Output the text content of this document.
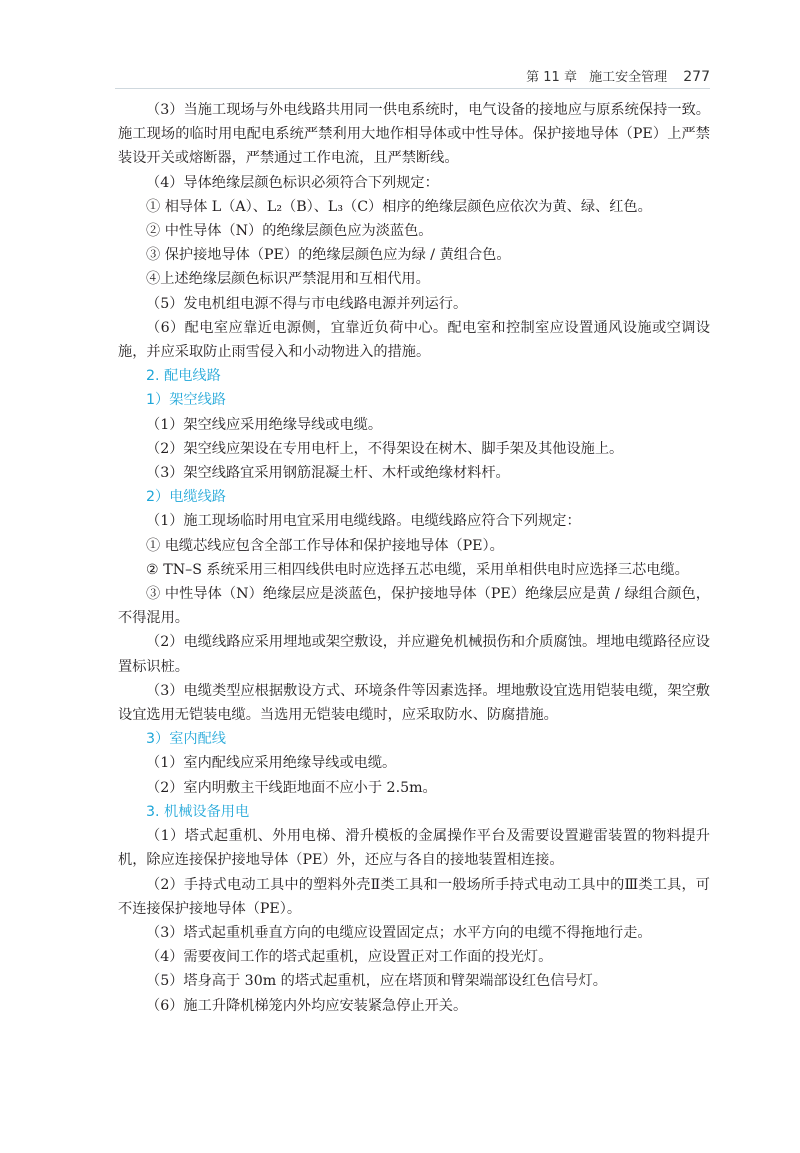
第 11 章 施工安全管理 277

（3）当施工现场与外电线路共用同一供电系统时，电气设备的接地应与原系统保持一致。施工现场的临时用电配电系统严禁利用大地作相导体或中性导体。保护接地导体（PE）上严禁装设开关或熔断器，严禁通过工作电流，且严禁断线。

（4）导体绝缘层颜色标识必须符合下列规定：

① 相导体 L（A）、L₂（B）、L₃（C）相序的绝缘层颜色应依次为黄、绿、红色。

② 中性导体（N）的绝缘层颜色应为淡蓝色。

③ 保护接地导体（PE）的绝缘层颜色应为绿 / 黄组合色。

④上述绝缘层颜色标识严禁混用和互相代用。

（5）发电机组电源不得与市电线路电源并列运行。

（6）配电室应靠近电源侧，宜靠近负荷中心。配电室和控制室应设置通风设施或空调设施，并应采取防止雨雪侵入和小动物进入的措施。

2. 配电线路

1）架空线路

（1）架空线应采用绝缘导线或电缆。

（2）架空线应架设在专用电杆上，不得架设在树木、脚手架及其他设施上。

（3）架空线路宜采用钢筋混凝土杆、木杆或绝缘材料杆。

2）电缆线路

（1）施工现场临时用电宜采用电缆线路。电缆线路应符合下列规定：

① 电缆芯线应包含全部工作导体和保护接地导体（PE）。

② TN–S 系统采用三相四线供电时应选择五芯电缆，采用单相供电时应选择三芯电缆。

③ 中性导体（N）绝缘层应是淡蓝色，保护接地导体（PE）绝缘层应是黄 / 绿组合颜色，不得混用。

（2）电缆线路应采用埋地或架空敷设，并应避免机械损伤和介质腐蚀。埋地电缆路径应设置标识桩。

（3）电缆类型应根据敷设方式、环境条件等因素选择。埋地敷设宜选用铠装电缆，架空敷设宜选用无铠装电缆。当选用无铠装电缆时，应采取防水、防腐措施。

3）室内配线

（1）室内配线应采用绝缘导线或电缆。

（2）室内明敷主干线距地面不应小于 2.5m。

3. 机械设备用电

（1）塔式起重机、外用电梯、滑升模板的金属操作平台及需要设置避雷装置的物料提升机，除应连接保护接地导体（PE）外，还应与各自的接地装置相连接。

（2）手持式电动工具中的塑料外壳Ⅱ类工具和一般场所手持式电动工具中的Ⅲ类工具，可不连接保护接地导体（PE）。

（3）塔式起重机垂直方向的电缆应设置固定点；水平方向的电缆不得拖地行走。

（4）需要夜间工作的塔式起重机，应设置正对工作面的投光灯。

（5）塔身高于 30m 的塔式起重机，应在塔顶和臂架端部设红色信号灯。

（6）施工升降机梯笼内外均应安装紧急停止开关。
